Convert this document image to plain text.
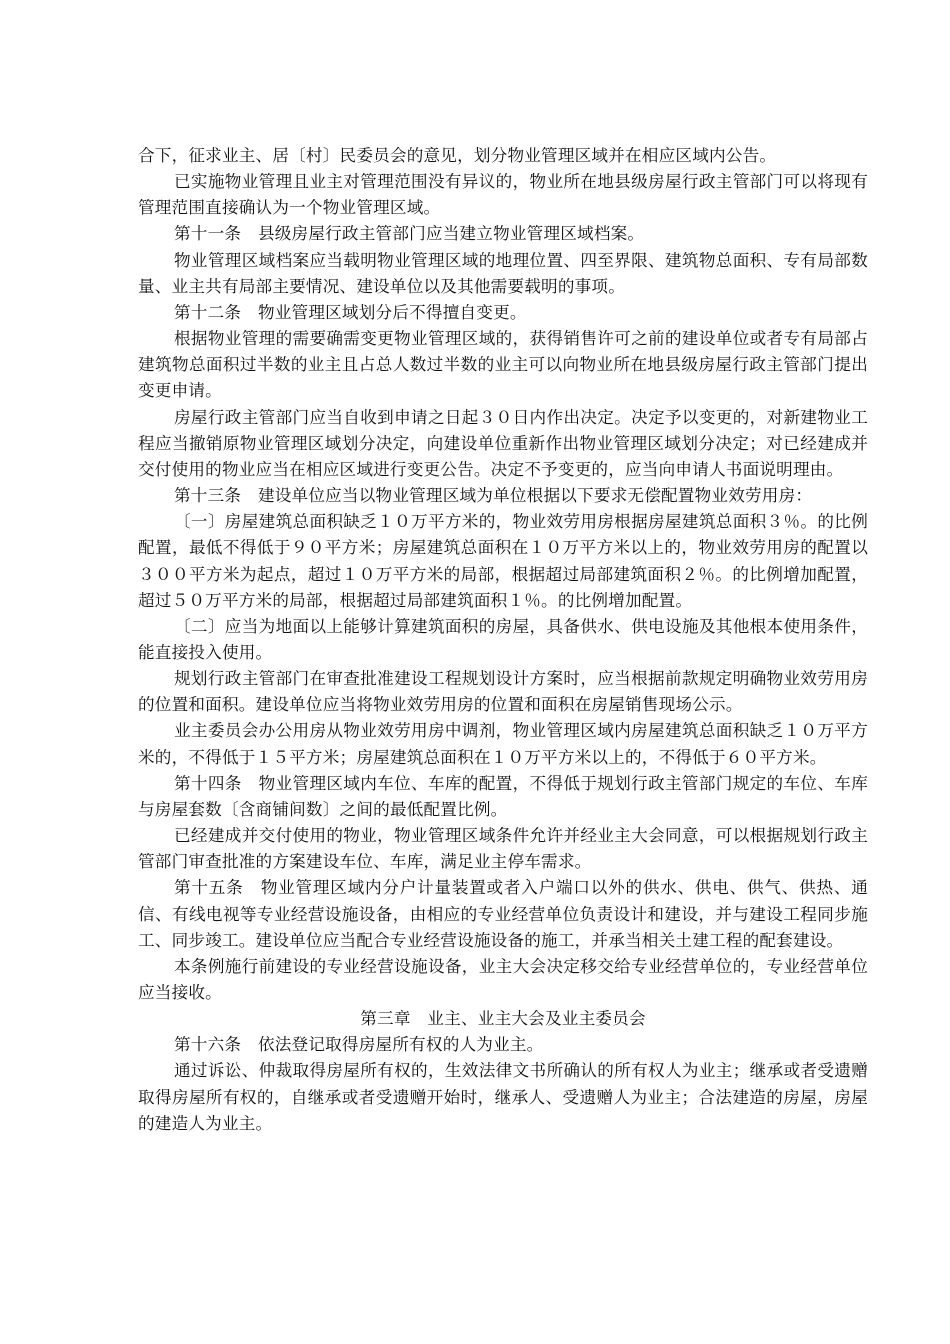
合下，征求业主、居〔村〕民委员会的意见，划分物业管理区域并在相应区域内公告。

已实施物业管理且业主对管理范围没有异议的，物业所在地县级房屋行政主管部门可以将现有管理范围直接确认为一个物业管理区域。

第十一条　县级房屋行政主管部门应当建立物业管理区域档案。

物业管理区域档案应当载明物业管理区域的地理位置、四至界限、建筑物总面积、专有局部数量、业主共有局部主要情况、建设单位以及其他需要载明的事项。

第十二条　物业管理区域划分后不得擅自变更。

根据物业管理的需要确需变更物业管理区域的，获得销售许可之前的建设单位或者专有局部占建筑物总面积过半数的业主且占总人数过半数的业主可以向物业所在地县级房屋行政主管部门提出变更申请。

房屋行政主管部门应当自收到申请之日起３０日内作出决定。决定予以变更的，对新建物业工程应当撤销原物业管理区域划分决定，向建设单位重新作出物业管理区域划分决定；对已经建成并交付使用的物业应当在相应区域进行变更公告。决定不予变更的，应当向申请人书面说明理由。

第十三条　建设单位应当以物业管理区域为单位根据以下要求无偿配置物业效劳用房：

〔一〕房屋建筑总面积缺乏１０万平方米的，物业效劳用房根据房屋建筑总面积３％。的比例配置，最低不得低于９０平方米；房屋建筑总面积在１０万平方米以上的，物业效劳用房的配置以３００平方米为起点，超过１０万平方米的局部，根据超过局部建筑面积２％。的比例增加配置，超过５０万平方米的局部，根据超过局部建筑面积１％。的比例增加配置。

〔二〕应当为地面以上能够计算建筑面积的房屋，具备供水、供电设施及其他根本使用条件，能直接投入使用。

规划行政主管部门在审查批准建设工程规划设计方案时，应当根据前款规定明确物业效劳用房的位置和面积。建设单位应当将物业效劳用房的位置和面积在房屋销售现场公示。

业主委员会办公用房从物业效劳用房中调剂，物业管理区域内房屋建筑总面积缺乏１０万平方米的，不得低于１５平方米；房屋建筑总面积在１０万平方米以上的，不得低于６０平方米。

第十四条　物业管理区域内车位、车库的配置，不得低于规划行政主管部门规定的车位、车库与房屋套数〔含商铺间数〕之间的最低配置比例。

已经建成并交付使用的物业，物业管理区域条件允许并经业主大会同意，可以根据规划行政主管部门审查批准的方案建设车位、车库，满足业主停车需求。

第十五条　物业管理区域内分户计量装置或者入户端口以外的供水、供电、供气、供热、通信、有线电视等专业经营设施设备，由相应的专业经营单位负责设计和建设，并与建设工程同步施工、同步竣工。建设单位应当配合专业经营设施设备的施工，并承当相关土建工程的配套建设。

本条例施行前建设的专业经营设施设备，业主大会决定移交给专业经营单位的，专业经营单位应当接收。

第三章　业主、业主大会及业主委员会

第十六条　依法登记取得房屋所有权的人为业主。

通过诉讼、仲裁取得房屋所有权的，生效法律文书所确认的所有权人为业主；继承或者受遗赠取得房屋所有权的，自继承或者受遗赠开始时，继承人、受遗赠人为业主；合法建造的房屋，房屋的建造人为业主。
